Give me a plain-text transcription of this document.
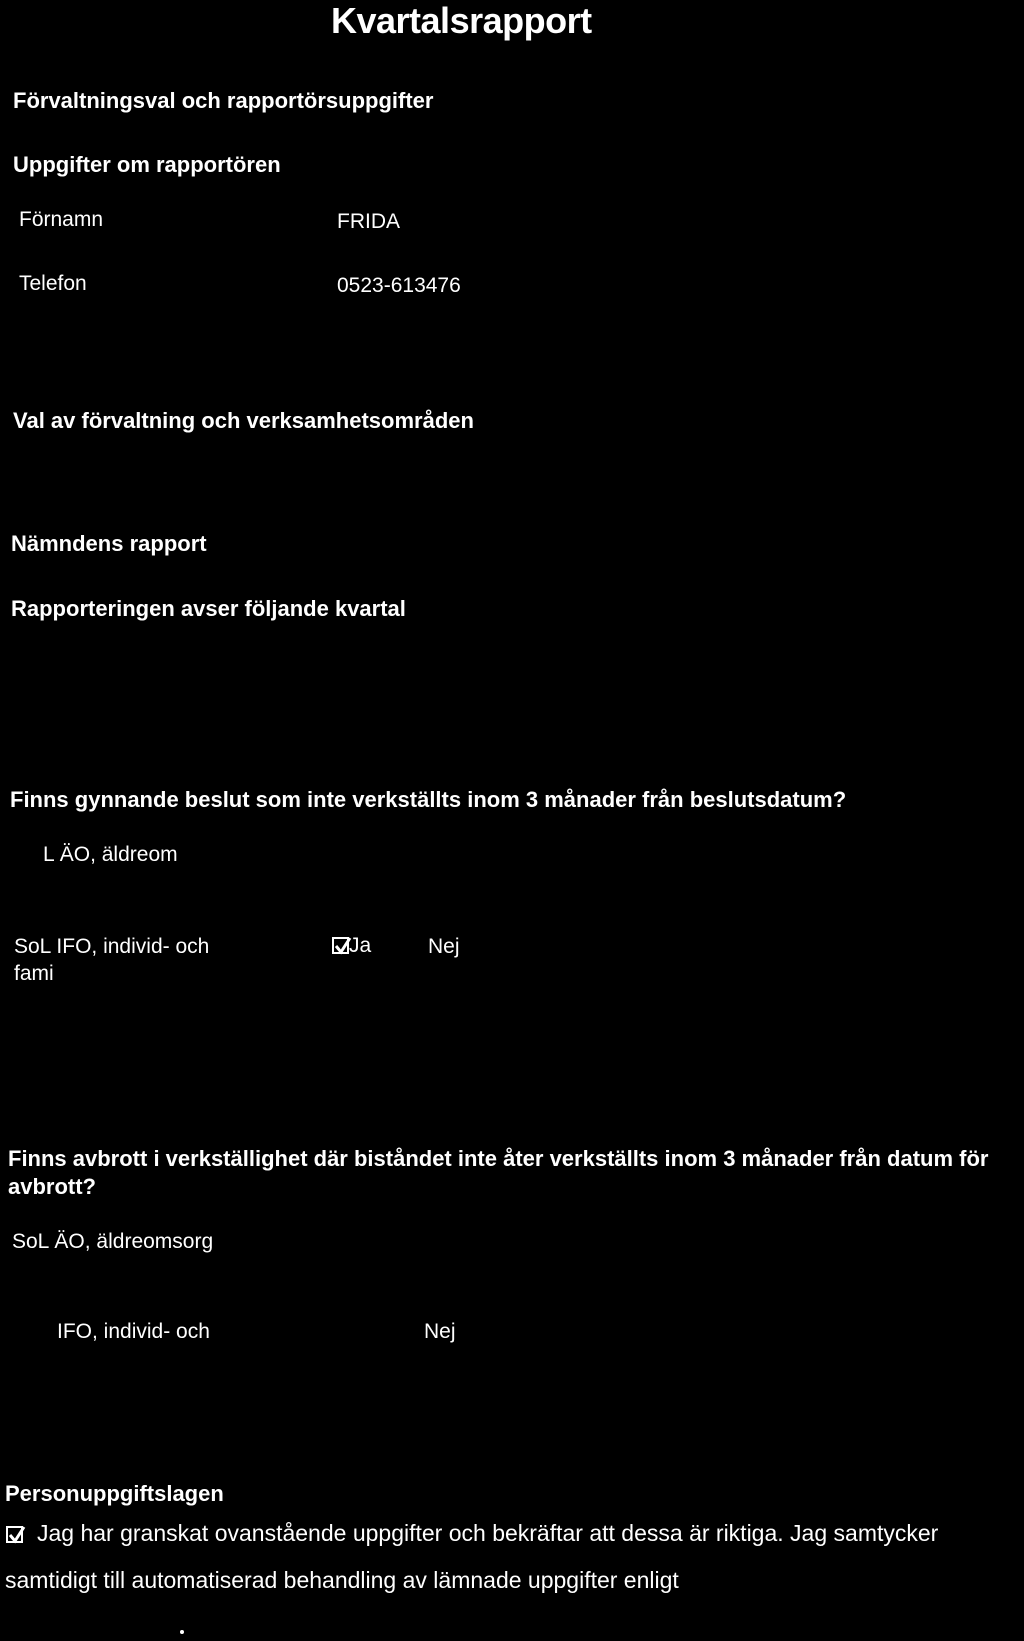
Kvartalsrapport
Förvaltningsval och rapportörsuppgifter
Uppgifter om rapportören
Förnamn	FRIDA
Telefon	0523-613476
Val av förvaltning och verksamhetsområden
Nämndens rapport
Rapporteringen avser följande kvartal
Finns gynnande beslut som inte verkställts inom 3 månader från beslutsdatum?
L ÄO, äldreom
SoL IFO, individ- och
fami
Ja	Nej
Finns avbrott i verkställighet där biståndet inte åter verkställts inom 3 månader från datum för avbrott?
SoL ÄO, äldreomsorg
IFO, individ- och	Nej
Personuppgiftslagen
Jag har granskat ovanstående uppgifter och bekräftar att dessa är riktiga. Jag samtycker
samtidigt till automatiserad behandling av lämnade uppgifter enligt
